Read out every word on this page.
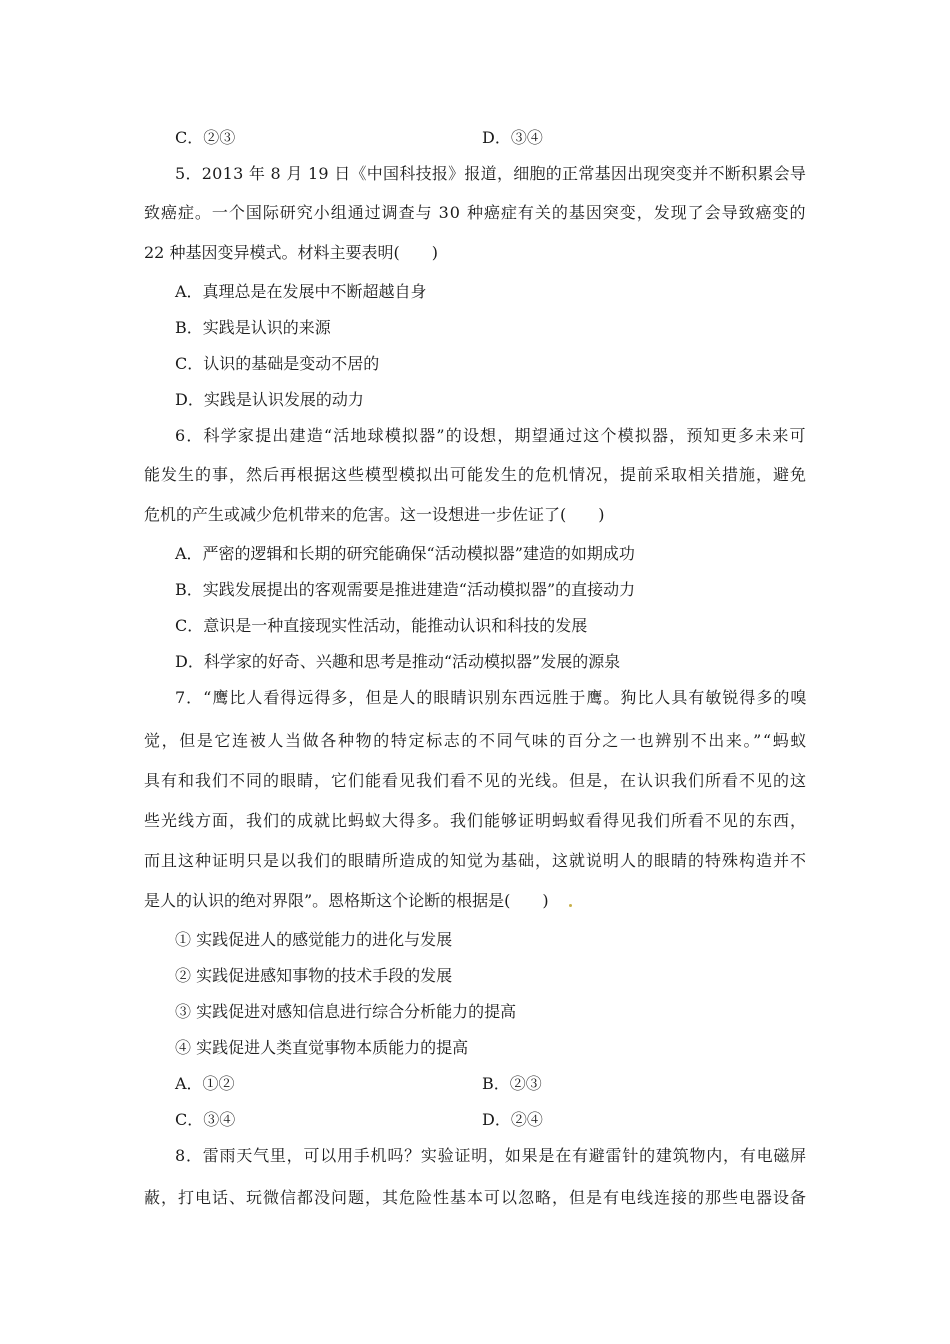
C．②③	D．③④
5．2013 年 8 月 19 日《中国科技报》报道，细胞的正常基因出现突变并不断积累会导
致癌症。一个国际研究小组通过调查与 30 种癌症有关的基因突变，发现了会导致癌变的
22 种基因变异模式。材料主要表明(　　)
A．真理总是在发展中不断超越自身
B．实践是认识的来源
C．认识的基础是变动不居的
D．实践是认识发展的动力
6．科学家提出建造“活地球模拟器”的设想，期望通过这个模拟器，预知更多未来可
能发生的事，然后再根据这些模型模拟出可能发生的危机情况，提前采取相关措施，避免
危机的产生或减少危机带来的危害。这一设想进一步佐证了(　　)
A．严密的逻辑和长期的研究能确保“活动模拟器”建造的如期成功
B．实践发展提出的客观需要是推进建造“活动模拟器”的直接动力
C．意识是一种直接现实性活动，能推动认识和科技的发展
D．科学家的好奇、兴趣和思考是推动“活动模拟器”发展的源泉
7．“鹰比人看得远得多，但是人的眼睛识别东西远胜于鹰。狗比人具有敏锐得多的嗅
觉，但是它连被人当做各种物的特定标志的不同气味的百分之一也辨别不出来。”“蚂蚁
具有和我们不同的眼睛，它们能看见我们看不见的光线。但是，在认识我们所看不见的这
些光线方面，我们的成就比蚂蚁大得多。我们能够证明蚂蚁看得见我们所看不见的东西，
而且这种证明只是以我们的眼睛所造成的知觉为基础，这就说明人的眼睛的特殊构造并不
是人的认识的绝对界限”。恩格斯这个论断的根据是(　　)
① 实践促进人的感觉能力的进化与发展
② 实践促进感知事物的技术手段的发展
③ 实践促进对感知信息进行综合分析能力的提高
④ 实践促进人类直觉事物本质能力的提高
A．①②	B．②③
C．③④	D．②④
8．雷雨天气里，可以用手机吗？实验证明，如果是在有避雷针的建筑物内，有电磁屏
蔽，打电话、玩微信都没问题，其危险性基本可以忽略，但是有电线连接的那些电器设备
